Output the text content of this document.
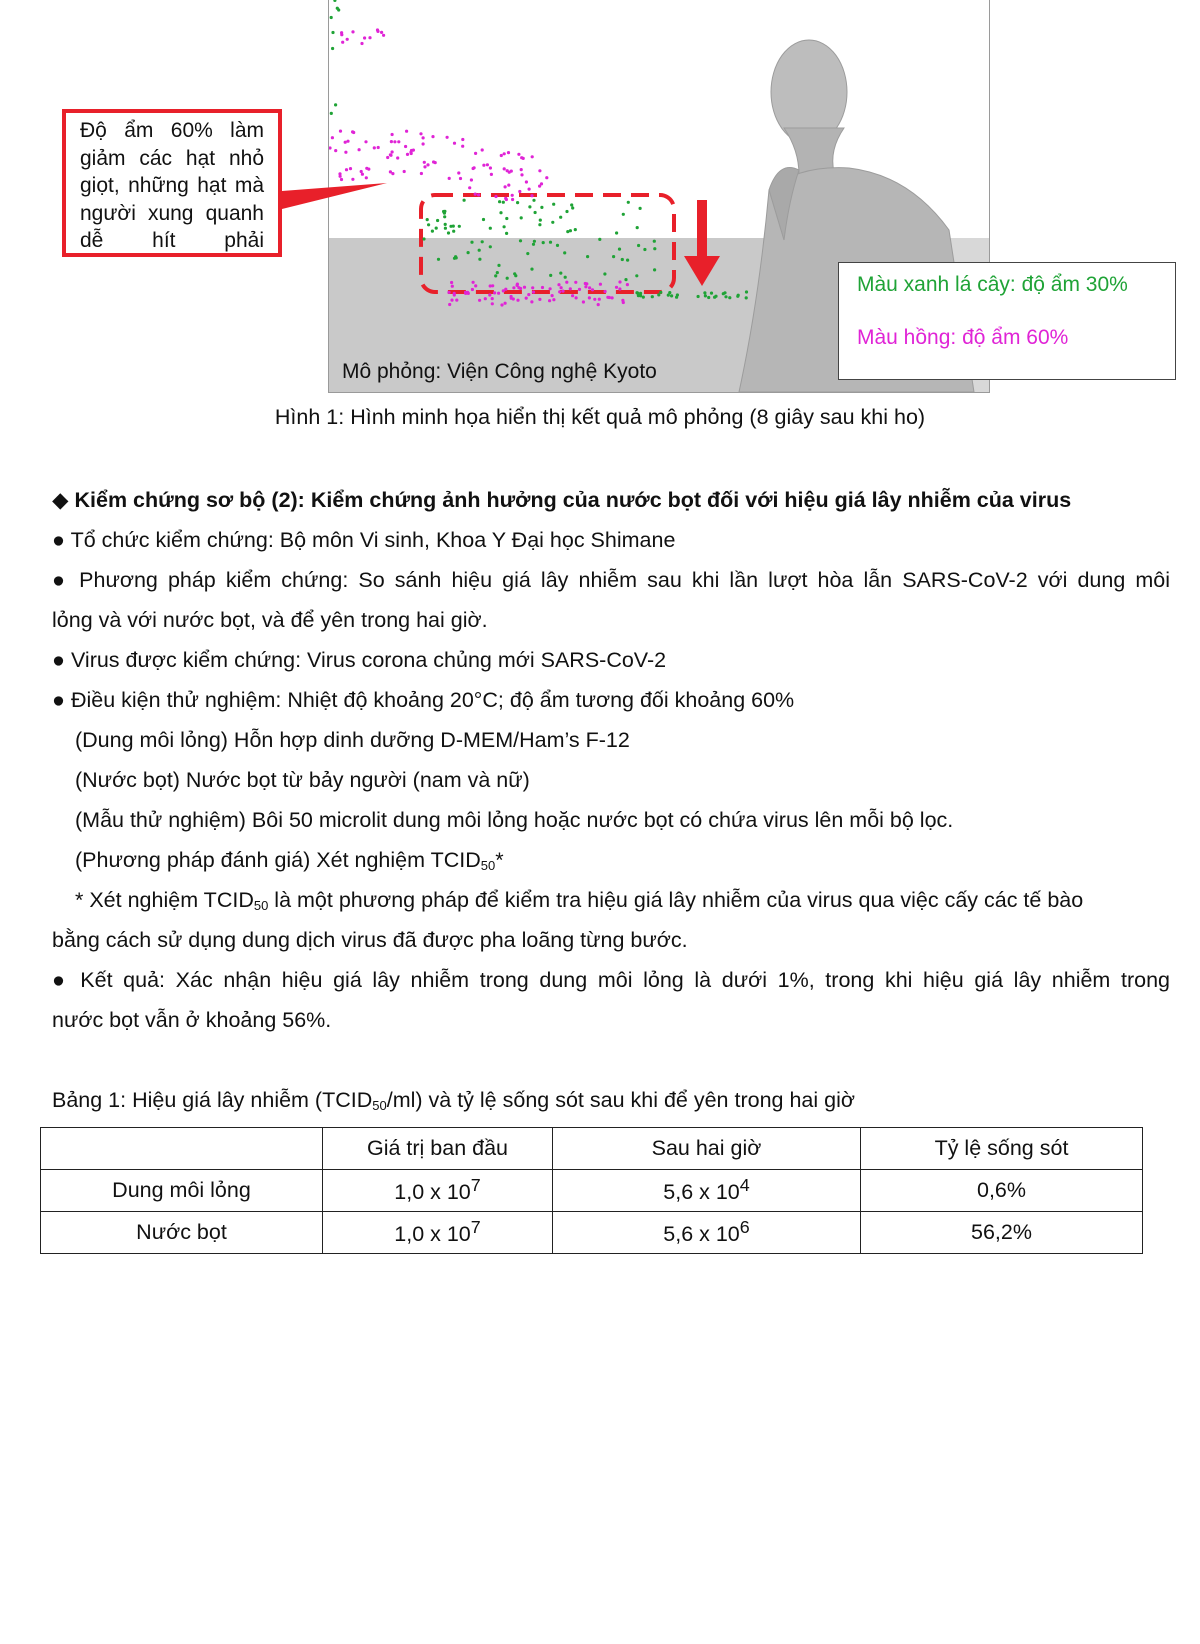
Độ ẩm 60% làm giảm các hạt nhỏ giọt, những hạt mà người xung quanh dễ hít phải
Mô phỏng: Viện Công nghệ Kyoto
Màu xanh lá cây: độ ẩm 30%
Màu hồng: độ ẩm 60%
Hình 1: Hình minh họa hiển thị kết quả mô phỏng (8 giây sau khi ho)
◆ Kiểm chứng sơ bộ (2): Kiểm chứng ảnh hưởng của nước bọt đối với hiệu giá lây nhiễm của virus
● Tổ chức kiểm chứng: Bộ môn Vi sinh, Khoa Y Đại học Shimane
● Phương pháp kiểm chứng: So sánh hiệu giá lây nhiễm sau khi lần lượt hòa lẫn SARS-CoV-2 với dung môi
lỏng và với nước bọt, và để yên trong hai giờ.
● Virus được kiểm chứng: Virus corona chủng mới SARS-CoV-2
● Điều kiện thử nghiệm: Nhiệt độ khoảng 20°C; độ ẩm tương đối khoảng 60%
(Dung môi lỏng) Hỗn hợp dinh dưỡng D-MEM/Ham’s F-12
(Nước bọt) Nước bọt từ bảy người (nam và nữ)
(Mẫu thử nghiệm) Bôi 50 microlit dung môi lỏng hoặc nước bọt có chứa virus lên mỗi bộ lọc.
(Phương pháp đánh giá) Xét nghiệm $TCID_{50}*$
* Xét nghiệm $TCID_{50}$ là một phương pháp để kiểm tra hiệu giá lây nhiễm của virus qua việc cấy các tế bào
bằng cách sử dụng dung dịch virus đã được pha loãng từng bước.
● Kết quả: Xác nhận hiệu giá lây nhiễm trong dung môi lỏng là dưới 1%, trong khi hiệu giá lây nhiễm trong
nước bọt vẫn ở khoảng 56%.
Bảng 1: Hiệu giá lây nhiễm $(TCID_{50}/ml)$ và tỷ lệ sống sót sau khi để yên trong hai giờ
	Giá trị ban đầu	Sau hai giờ	Tỷ lệ sống sót
Dung môi lỏng	1,0 x $10^7$	5,6 x $10^4$	0,6%
Nước bọt	1,0 x $10^7$	5,6 x $10^6$	56,2%
